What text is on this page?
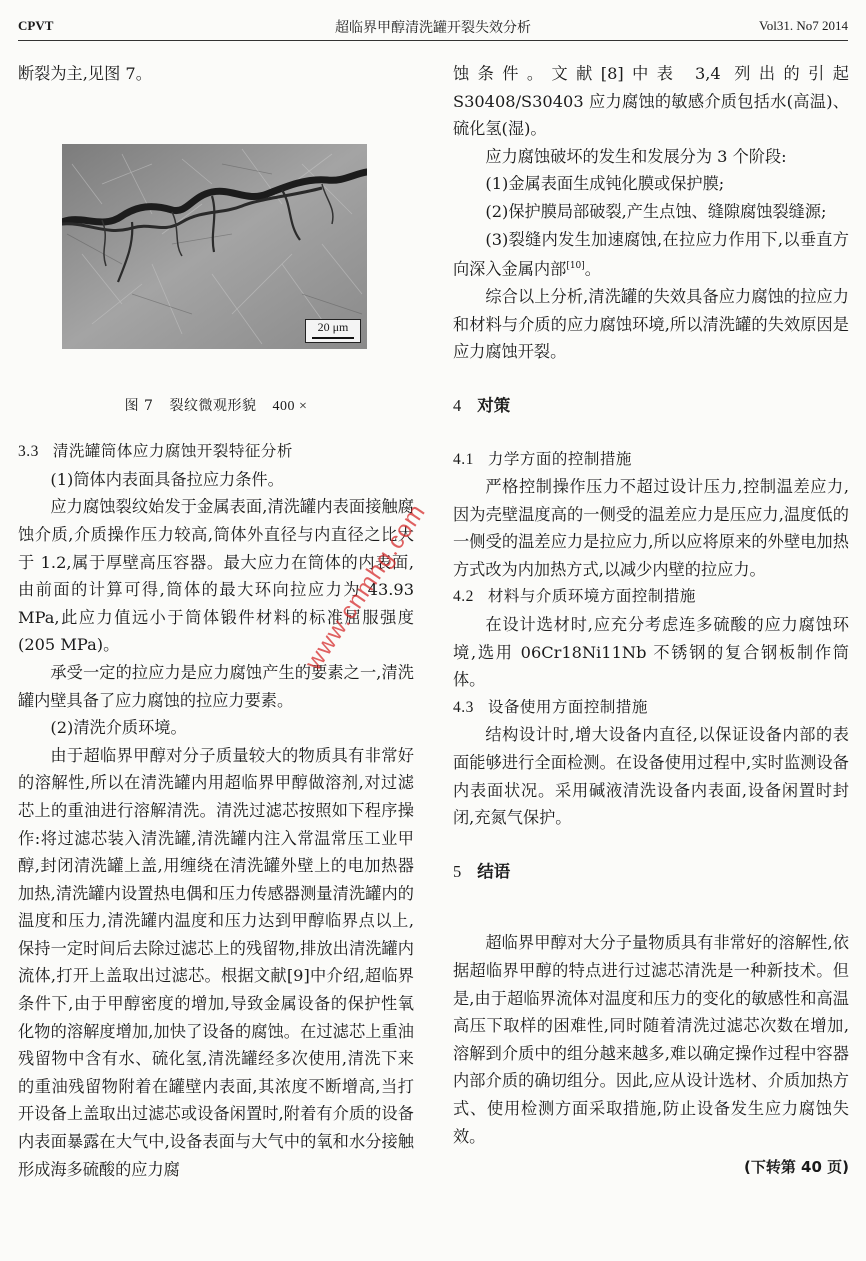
CPVT	超临界甲醇清洗罐开裂失效分析	Vol31. No7 2014

断裂为主,见图 7。

20 μm
图 7 裂纹微观形貌 400 ×
3.3 清洗罐筒体应力腐蚀开裂特征分析

(1)筒体内表面具备拉应力条件。

应力腐蚀裂纹始发于金属表面,清洗罐内表面接触腐蚀介质,介质操作压力较高,筒体外直径与内直径之比大于 1.2,属于厚壁高压容器。最大应力在筒体的内表面,由前面的计算可得,筒体的最大环向拉应力为 43.93 MPa,此应力值远小于筒体锻件材料的标准屈服强度(205 MPa)。

承受一定的拉应力是应力腐蚀产生的要素之一,清洗罐内壁具备了应力腐蚀的拉应力要素。

(2)清洗介质环境。

由于超临界甲醇对分子质量较大的物质具有非常好的溶解性,所以在清洗罐内用超临界甲醇做溶剂,对过滤芯上的重油进行溶解清洗。清洗过滤芯按照如下程序操作:将过滤芯装入清洗罐,清洗罐内注入常温常压工业甲醇,封闭清洗罐上盖,用缠绕在清洗罐外壁上的电加热器加热,清洗罐内设置热电偶和压力传感器测量清洗罐内的温度和压力,清洗罐内温度和压力达到甲醇临界点以上,保持一定时间后去除过滤芯上的残留物,排放出清洗罐内流体,打开上盖取出过滤芯。根据文献[9]中介绍,超临界条件下,由于甲醇密度的增加,导致金属设备的保护性氧化物的溶解度增加,加快了设备的腐蚀。在过滤芯上重油残留物中含有水、硫化氢,清洗罐经多次使用,清洗下来的重油残留物附着在罐壁内表面,其浓度不断增高,当打开设备上盖取出过滤芯或设备闲置时,附着有介质的设备内表面暴露在大气中,设备表面与大气中的氧和水分接触形成海多硫酸的应力腐

蚀条件。文献[8]中表 3,4 列出的引起 S30408/S30403 应力腐蚀的敏感介质包括水(高温)、硫化氢(湿)。

应力腐蚀破坏的发生和发展分为 3 个阶段:

(1)金属表面生成钝化膜或保护膜;

(2)保护膜局部破裂,产生点蚀、缝隙腐蚀裂缝源;

(3)裂缝内发生加速腐蚀,在拉应力作用下,以垂直方向深入金属内部[10]。

综合以上分析,清洗罐的失效具备应力腐蚀的拉应力和材料与介质的应力腐蚀环境,所以清洗罐的失效原因是应力腐蚀开裂。

4 对策
4.1 力学方面的控制措施

严格控制操作压力不超过设计压力,控制温差应力,因为壳壁温度高的一侧受的温差应力是压应力,温度低的一侧受的温差应力是拉应力,所以应将原来的外壁电加热方式改为内加热方式,以减少内壁的拉应力。

4.2 材料与介质环境方面控制措施

在设计选材时,应充分考虑连多硫酸的应力腐蚀环境,选用 06Cr18Ni11Nb 不锈钢的复合钢板制作筒体。

4.3 设备使用方面控制措施

结构设计时,增大设备内直径,以保证设备内部的表面能够进行全面检测。在设备使用过程中,实时监测设备内表面状况。采用碱液清洗设备内表面,设备闲置时封闭,充氮气保护。

5 结语

超临界甲醇对大分子量物质具有非常好的溶解性,依据超临界甲醇的特点进行过滤芯清洗是一种新技术。但是,由于超临界流体对温度和压力的变化的敏感性和高温高压下取样的困难性,同时随着清洗过滤芯次数在增加,溶解到介质中的组分越来越多,难以确定操作过程中容器内部介质的确切组分。因此,应从设计选材、介质加热方式、使用检测方面采取措施,防止设备发生应力腐蚀失效。

(下转第 40 页)
www.cnmhg.com
